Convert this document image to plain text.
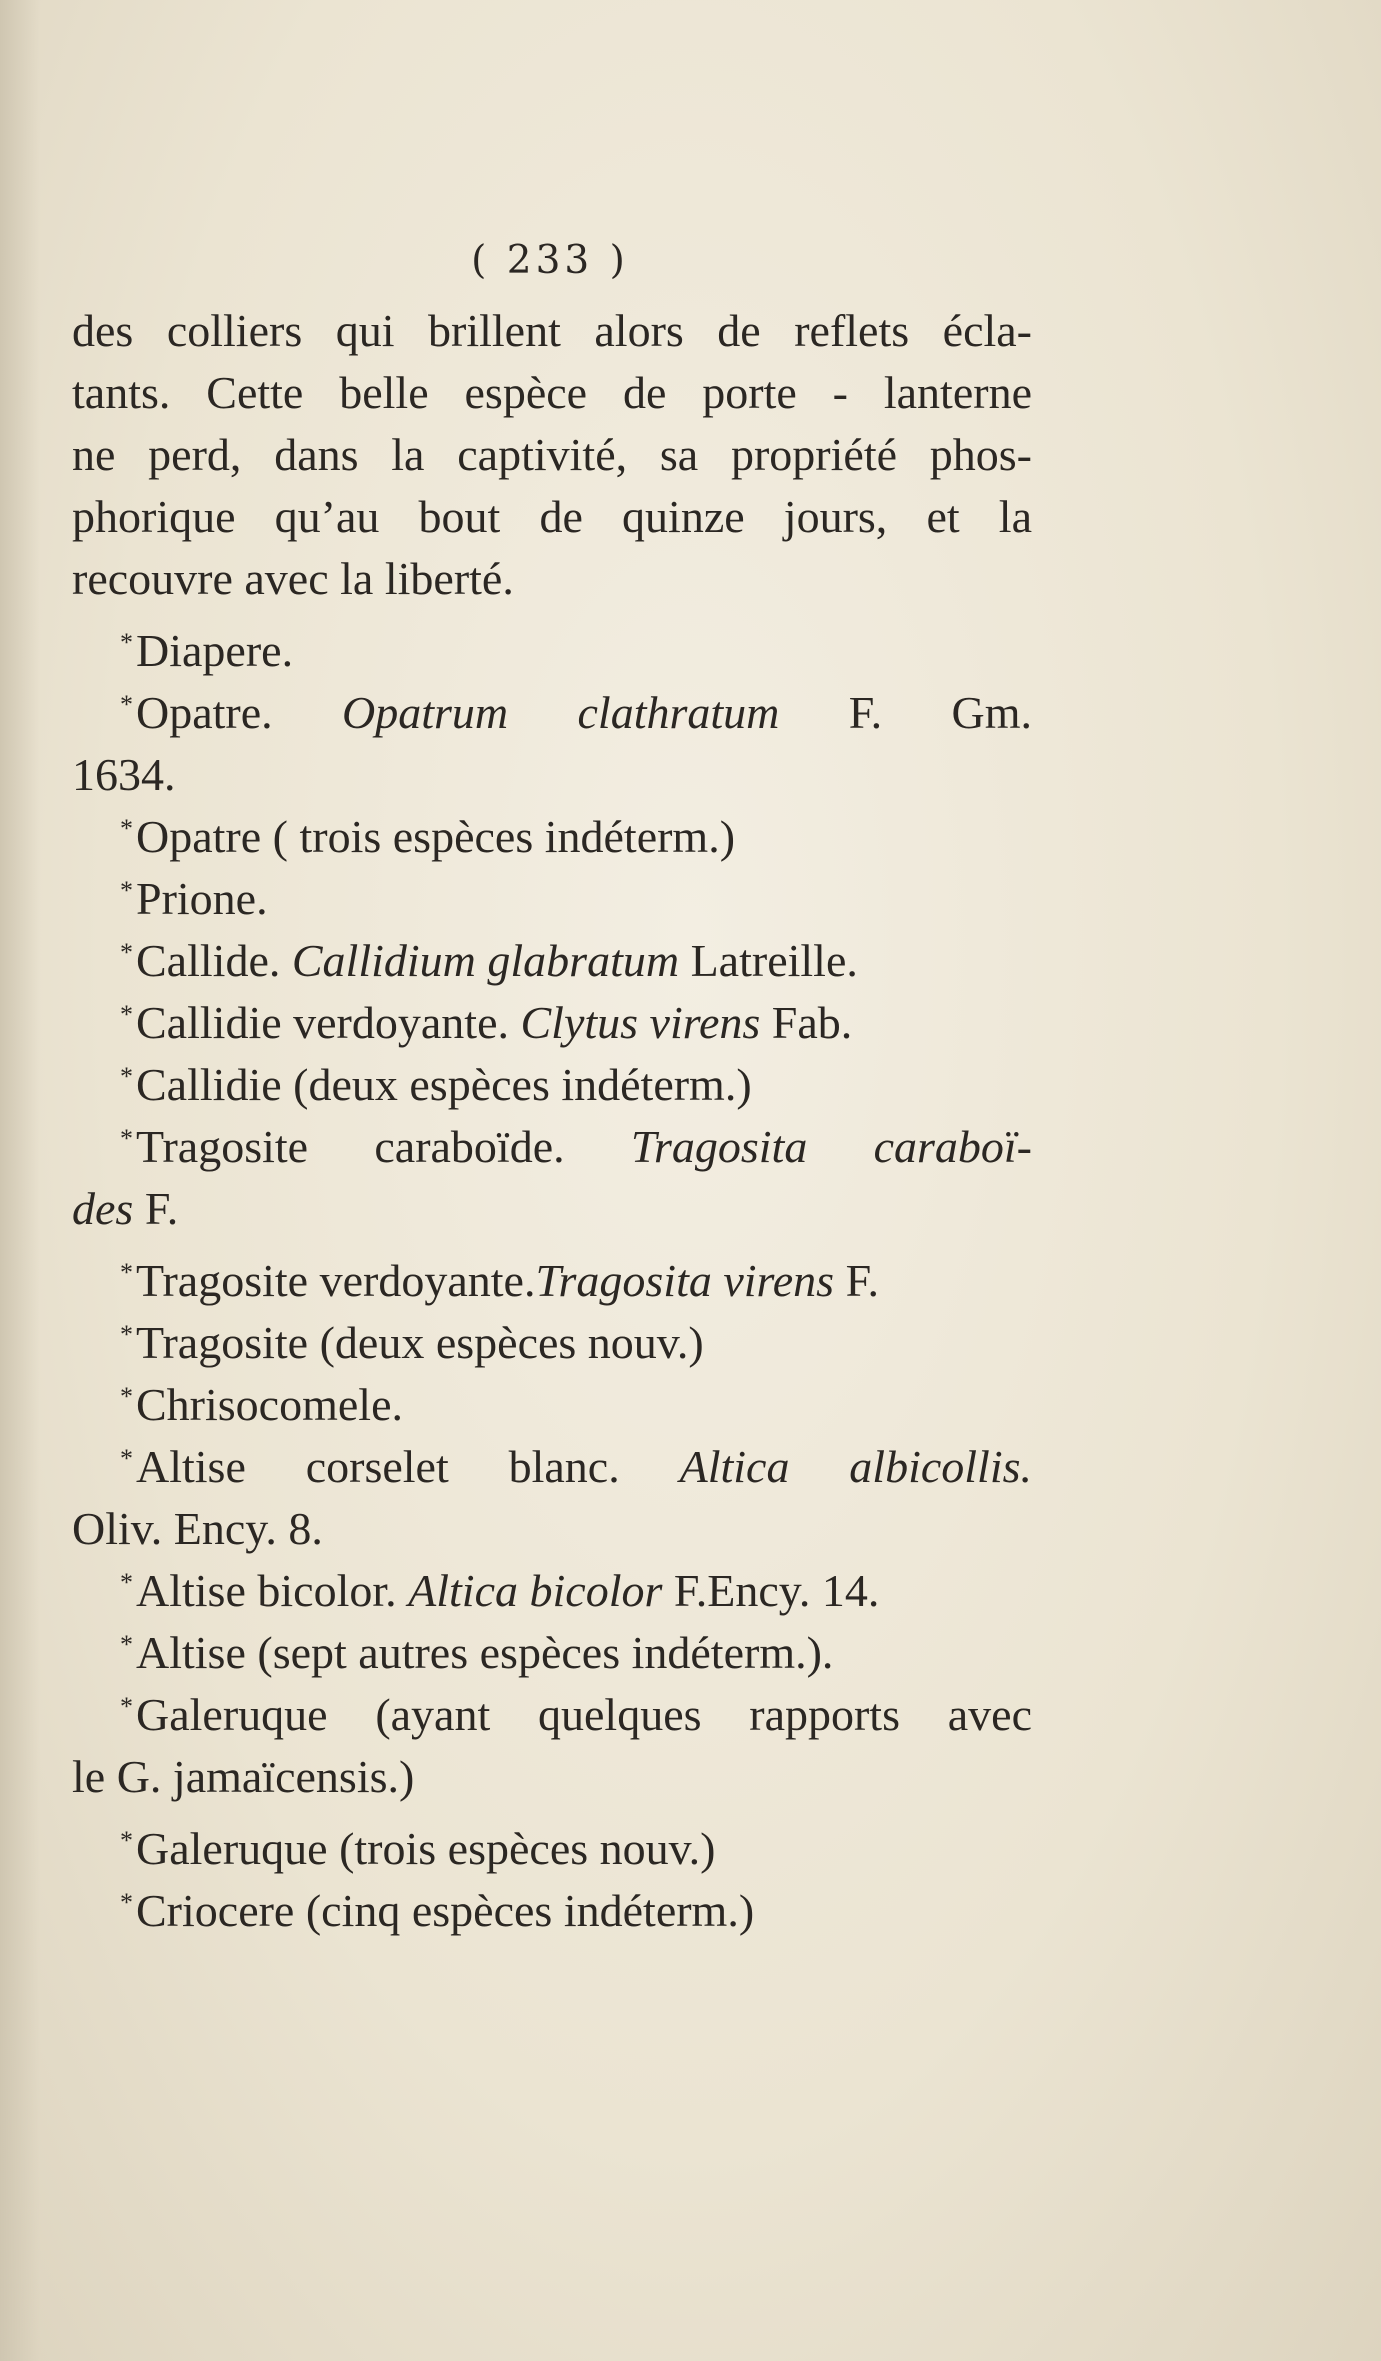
( 233 )
des colliers qui brillent alors de reflets écla-
tants. Cette belle espèce de porte - lanterne
ne perd, dans la captivité, sa propriété phos-
phorique qu’au bout de quinze jours, et la
recouvre avec la liberté.
* Diapere.
* Opatre. Opatrum clathratum F. Gm.
1634.
* Opatre ( trois espèces indéterm.)
* Prione.
* Callide. Callidium glabratum Latreille.
* Callidie verdoyante. Clytus virens Fab.
* Callidie (deux espèces indéterm.)
* Tragosite caraboïde. Tragosita caraboï-
des F.
* Tragosite verdoyante.Tragosita virens F.
* Tragosite (deux espèces nouv.)
* Chrisocomele.
* Altise corselet blanc. Altica albicollis.
Oliv. Ency. 8.
* Altise bicolor. Altica bicolor F.Ency. 14.
* Altise (sept autres espèces indéterm.).
* Galeruque (ayant quelques rapports avec
le G. jamaïcensis.)
* Galeruque (trois espèces nouv.)
* Criocere (cinq espèces indéterm.)
